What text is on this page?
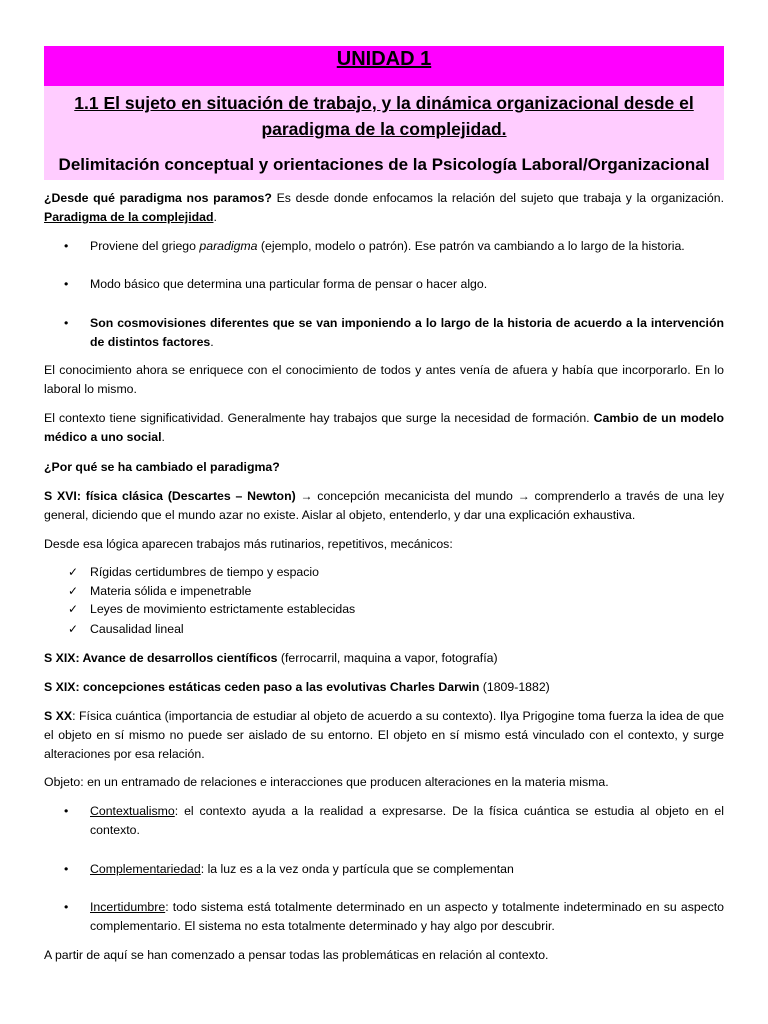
UNIDAD 1
1.1 El sujeto en situación de trabajo, y la dinámica organizacional desde el paradigma de la complejidad.
Delimitación conceptual y orientaciones de la Psicología Laboral/Organizacional
¿Desde qué paradigma nos paramos? Es desde donde enfocamos la relación del sujeto que trabaja y la organización. Paradigma de la complejidad.
• Proviene del griego paradigma (ejemplo, modelo o patrón). Ese patrón va cambiando a lo largo de la historia.
• Modo básico que determina una particular forma de pensar o hacer algo.
• Son cosmovisiones diferentes que se van imponiendo a lo largo de la historia de acuerdo a la intervención de distintos factores.
El conocimiento ahora se enriquece con el conocimiento de todos y antes venía de afuera y había que incorporarlo. En lo laboral lo mismo.
El contexto tiene significatividad. Generalmente hay trabajos que surge la necesidad de formación. Cambio de un modelo médico a uno social.
¿Por qué se ha cambiado el paradigma?
S XVI: física clásica (Descartes – Newton) → concepción mecanicista del mundo → comprenderlo a través de una ley general, diciendo que el mundo azar no existe. Aislar al objeto, entenderlo, y dar una explicación exhaustiva.
Desde esa lógica aparecen trabajos más rutinarios, repetitivos, mecánicos:
✓ Rígidas certidumbres de tiempo y espacio
✓ Materia sólida e impenetrable
✓ Leyes de movimiento estrictamente establecidas
✓ Causalidad lineal
S XIX: Avance de desarrollos científicos (ferrocarril, maquina a vapor, fotografía)
S XIX: concepciones estáticas ceden paso a las evolutivas Charles Darwin (1809-1882)
S XX: Física cuántica (importancia de estudiar al objeto de acuerdo a su contexto). Ilya Prigogine toma fuerza la idea de que el objeto en sí mismo no puede ser aislado de su entorno. El objeto en sí mismo está vinculado con el contexto, y surge alteraciones por esa relación.
Objeto: en un entramado de relaciones e interacciones que producen alteraciones en la materia misma.
• Contextualismo: el contexto ayuda a la realidad a expresarse. De la física cuántica se estudia al objeto en el contexto.
• Complementariedad: la luz es a la vez onda y partícula que se complementan
• Incertidumbre: todo sistema está totalmente determinado en un aspecto y totalmente indeterminado en su aspecto complementario. El sistema no esta totalmente determinado y hay algo por descubrir.
A partir de aquí se han comenzado a pensar todas las problemáticas en relación al contexto.
